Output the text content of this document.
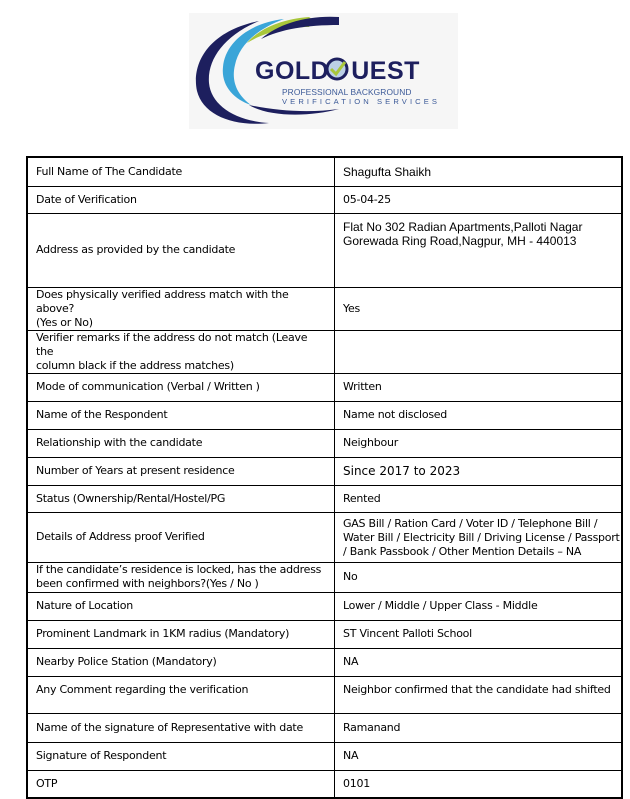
GOLD UEST
PROFESSIONAL BACKGROUND
VERIFICATION SERVICES
Full Name of The Candidate	Shagufta Shaikh
Date of Verification	05-04-25
Address as provided by the candidate	Flat No 302 Radian Apartments,Palloti Nagar
Gorewada Ring Road,Nagpur, MH - 440013

Does physically verified address match with the above?
(Yes or No)	Yes

Verifier remarks if the address do not match (Leave the
column black if the address matches)	

Mode of communication (Verbal / Written )	Written
Name of the Respondent	Name not disclosed
Relationship with the candidate	Neighbour
Number of Years at present residence	Since 2017 to 2023
Status (Ownership/Rental/Hostel/PG	Rented
Details of Address proof Verified	GAS Bill / Ration Card / Voter ID / Telephone Bill /
Water Bill / Electricity Bill / Driving License / Passport
/ Bank Passbook / Other Mention Details – NA

If the candidate’s residence is locked, has the address
been confirmed with neighbors?(Yes / No )	No
Nature of Location	Lower / Middle / Upper Class - Middle
Prominent Landmark in 1KM radius (Mandatory)	ST Vincent Palloti School
Nearby Police Station (Mandatory)	NA
Any Comment regarding the verification	Neighbor confirmed that the candidate had shifted
Name of the signature of Representative with date	Ramanand
Signature of Respondent	NA
OTP	0101
